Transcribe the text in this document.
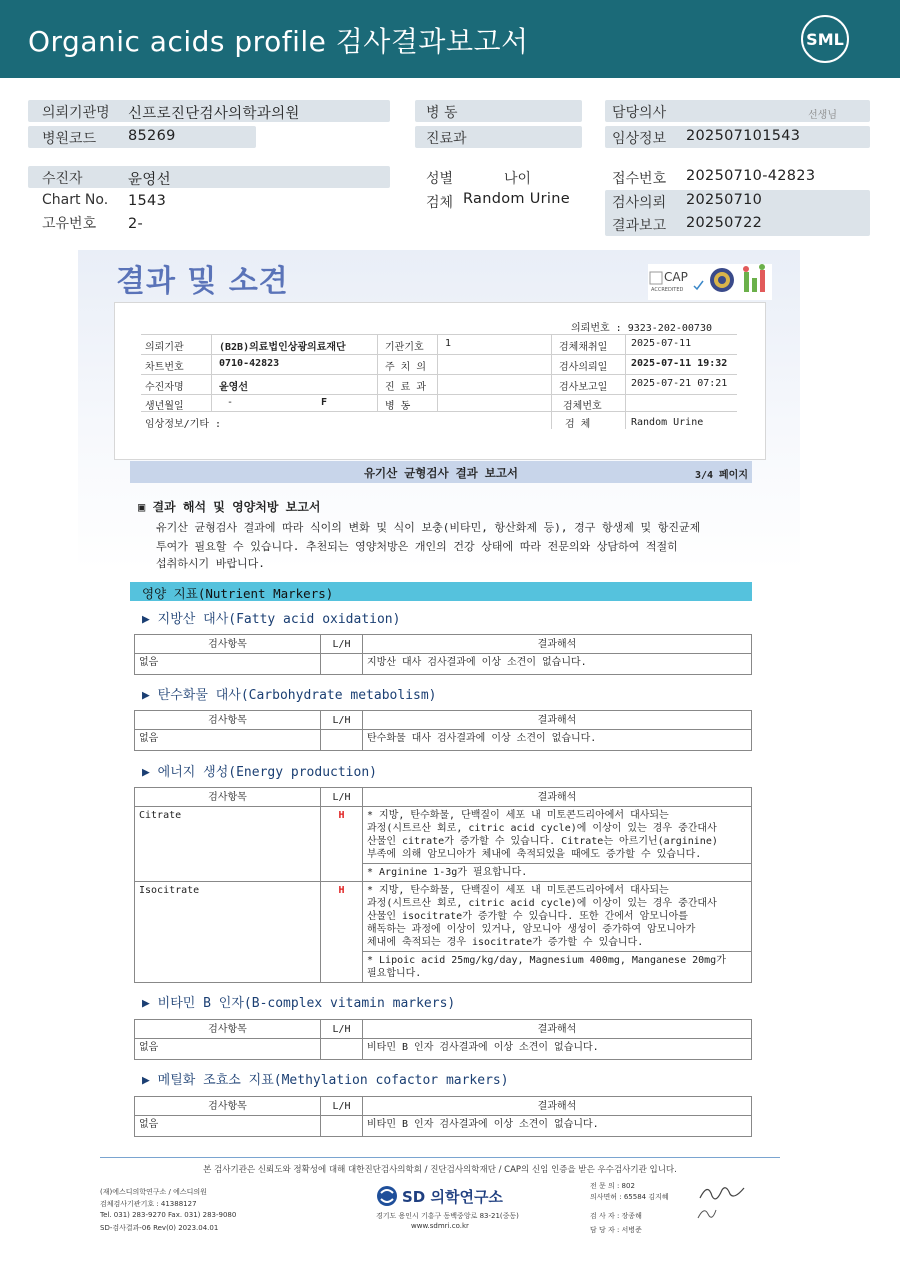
Organic acids profile 검사결과보고서	SML
의뢰기관명 신프로진단검사의학과의원
병원코드 85269
병 동
진료과
담당의사	선생님
임상정보 202507101543
수진자	윤영선
Chart No. 1543
고유번호 2-
성별	나이
검체 Random Urine
접수번호 20250710-42823
검사의뢰 20250710
결과보고 20250722
결과 및 소견	CAP
ACCREDITED
의뢰번호 : 9323-202-00730
의뢰기관	(B2B)의료법인상광의료재단	기관기호 1	검체채취일 2025-07-11
차트번호	0710-42823	주 치 의	검사의뢰일 2025-07-11 19:32
수진자명	윤영선	진 료 과	검사보고일 2025-07-21 07:21
생년월일	-	F	병 동	검체번호
임상정보/기타 :	검 체	Random Urine
유기산 균형검사 결과 보고서	3/4 페이지
▣ 결과 해석 및 영양처방 보고서
유기산 균형검사 결과에 따라 식이의 변화 및 식이 보충(비타민, 항산화제 등), 경구 항생제 및 항진균제
투여가 필요할 수 있습니다. 추천되는 영양처방은 개인의 건강 상태에 따라 전문의와 상담하여 적절히
섭취하시기 바랍니다.
영양 지표(Nutrient Markers)
▶ 지방산 대사(Fatty acid oxidation)
검사항목	L/H	결과해석
없음		지방산 대사 검사결과에 이상 소견이 없습니다.
▶ 탄수화물 대사(Carbohydrate metabolism)
검사항목	L/H	결과해석
없음		탄수화물 대사 검사결과에 이상 소견이 없습니다.
▶ 에너지 생성(Energy production)
검사항목	L/H	결과해석
Citrate	H	* 지방, 탄수화물, 단백질이 세포 내 미토콘드리아에서 대사되는
과정(시트르산 회로, citric acid cycle)에 이상이 있는 경우 중간대사
산물인 citrate가 증가할 수 있습니다. Citrate는 아르기닌(arginine)
부족에 의해 암모니아가 체내에 축적되었을 때에도 증가할 수 있습니다.

		* Arginine 1-3g가 필요합니다.

Isocitrate	H	* 지방, 탄수화물, 단백질이 세포 내 미토콘드리아에서 대사되는
과정(시트르산 회로, citric acid cycle)에 이상이 있는 경우 중간대사
산물인 isocitrate가 증가할 수 있습니다. 또한 간에서 암모니아를
해독하는 과정에 이상이 있거나, 암모니아 생성이 증가하여 암모니아가
체내에 축적되는 경우 isocitrate가 증가할 수 있습니다.

		* Lipoic acid 25mg/kg/day, Magnesium 400mg, Manganese 20mg가
필요합니다.
▶ 비타민 B 인자(B-complex vitamin markers)
검사항목	L/H	결과해석
없음		비타민 B 인자 검사결과에 이상 소견이 없습니다.
▶ 메틸화 조효소 지표(Methylation cofactor markers)
검사항목	L/H	결과해석
없음		비타민 B 인자 검사결과에 이상 소견이 없습니다.
본 검사기관은 신뢰도와 정확성에 대해 대한진단검사의학회 / 진단검사의학재단 / CAP의 신임 인증을 받은 우수검사기관 입니다.
(재)에스디의학연구소 / 에스디의원
검체검사기관기호 : 41388127
Tel. 031) 283-9270 Fax. 031) 283-9080
SD-검사결과-06 Rev(0) 2023.04.01
SD 의학연구소
경기도 용인시 기흥구 동백중앙로 83-21(중동)
www.sdmri.co.kr
전 문 의 : 802
의사면허 : 65584 김지혜
검 사 자 : 장종해
담 당 자 : 서병준
